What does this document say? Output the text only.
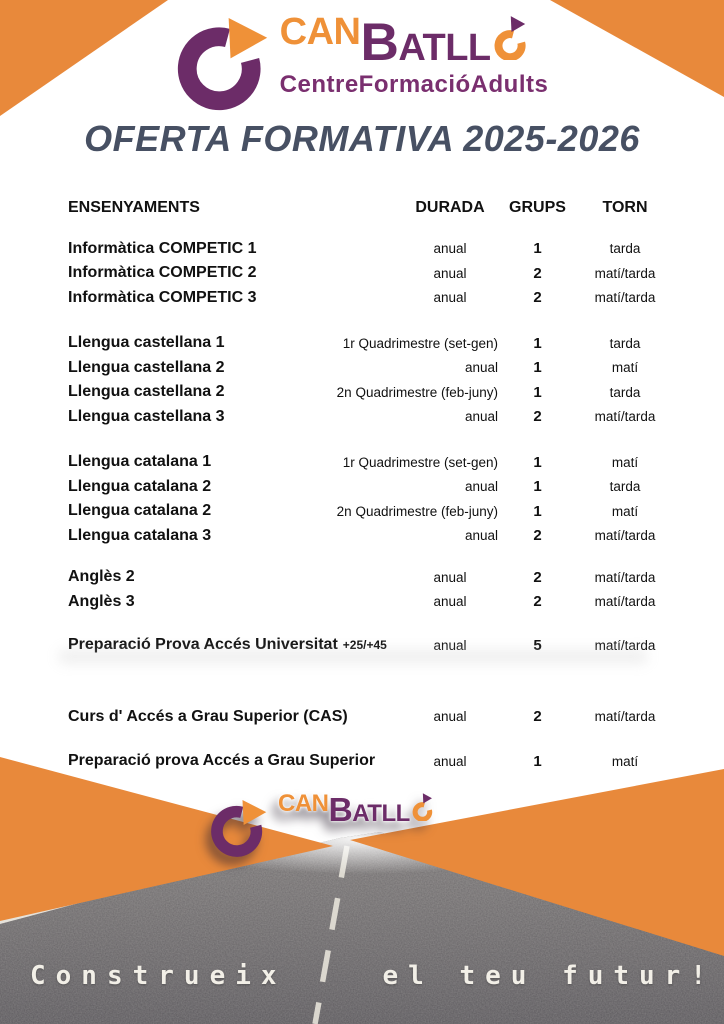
CAN B ATLL
CentreFormacióAdults
OFERTA FORMATIVA 2025-2026
ENSENYAMENTS	DURADA GRUPS TORN
Informàtica COMPETIC 1	anual	1	tarda
Informàtica COMPETIC 2	anual	2	matí/tarda
Informàtica COMPETIC 3	anual	2	matí/tarda
Llengua castellana 1	1r Quadrimestre (set-gen)	1	tarda
Llengua castellana 2	anual	1	matí
Llengua castellana 2	2n Quadrimestre (feb-juny)	1	tarda
Llengua castellana 3	anual	2	matí/tarda
Llengua catalana 1	1r Quadrimestre (set-gen)	1	matí
Llengua catalana 2	anual	1	tarda
Llengua catalana 2	2n Quadrimestre (feb-juny)	1	matí
Llengua catalana 3	anual	2	matí/tarda
Anglès 2	anual	2	matí/tarda
Anglès 3	anual	2	matí/tarda
Preparació Prova Accés Universitat +25/+45	anual	5	matí/tarda
Curs d' Accés a Grau Superior (CAS)	anual	2	matí/tarda
Preparació prova Accés a Grau Superior	anual	1	matí
CAN B ATLL
Construeix	el teu futur!
